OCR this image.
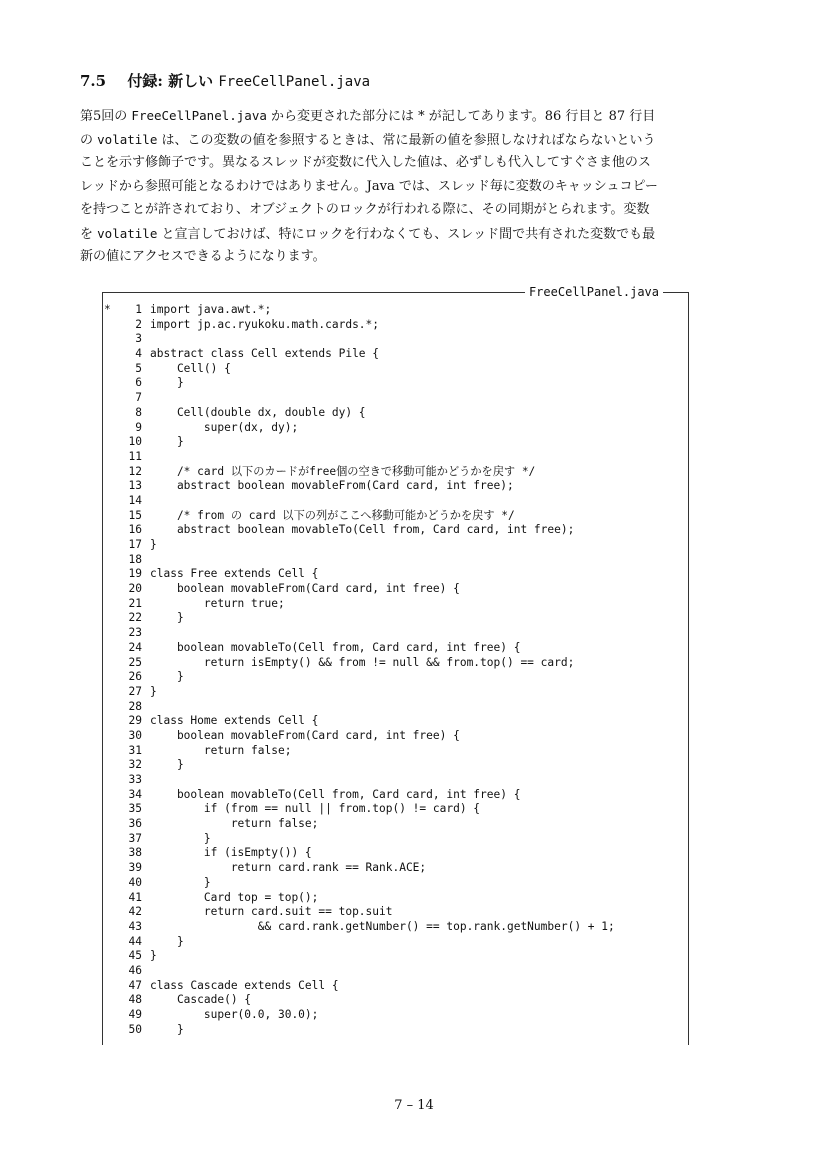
7.5 付録: 新しい FreeCellPanel.java
第5回の FreeCellPanel.java から変更された部分には * が記してあります。86 行目と 87 行目
の volatile は、この変数の値を参照するときは、常に最新の値を参照しなければならないという
ことを示す修飾子です。異なるスレッドが変数に代入した値は、必ずしも代入してすぐさま他のス
レッドから参照可能となるわけではありません。Java では、スレッド毎に変数のキャッシュコピー
を持つことが許されており、オブジェクトのロックが行われる際に、その同期がとられます。変数
を volatile と宣言しておけば、特にロックを行わなくても、スレッド間で共有された変数でも最
新の値にアクセスできるようになります。
FreeCellPanel.java
* 1 import java.awt.*;
2 import jp.ac.ryukoku.math.cards.*;
3
4 abstract class Cell extends Pile {
5    Cell() {
6    }
7
8    Cell(double dx, double dy) {
9        super(dx, dy);
10    }
11
12    /* card 以下のカードがfree個の空きで移動可能かどうかを戻す */
13    abstract boolean movableFrom(Card card, int free);
14
15    /* from の card 以下の列がここへ移動可能かどうかを戻す */
16    abstract boolean movableTo(Cell from, Card card, int free);
17 }
18
19 class Free extends Cell {
20    boolean movableFrom(Card card, int free) {
21        return true;
22    }
23
24    boolean movableTo(Cell from, Card card, int free) {
25        return isEmpty() && from != null && from.top() == card;
26    }
27 }
28
29 class Home extends Cell {
30    boolean movableFrom(Card card, int free) {
31        return false;
32    }
33
34    boolean movableTo(Cell from, Card card, int free) {
35        if (from == null || from.top() != card) {
36            return false;
37        }
38        if (isEmpty()) {
39            return card.rank == Rank.ACE;
40        }
41        Card top = top();
42        return card.suit == top.suit
43                && card.rank.getNumber() == top.rank.getNumber() + 1;
44    }
45 }
46
47 class Cascade extends Cell {
48    Cascade() {
49        super(0.0, 30.0);
50    }
7 – 14
